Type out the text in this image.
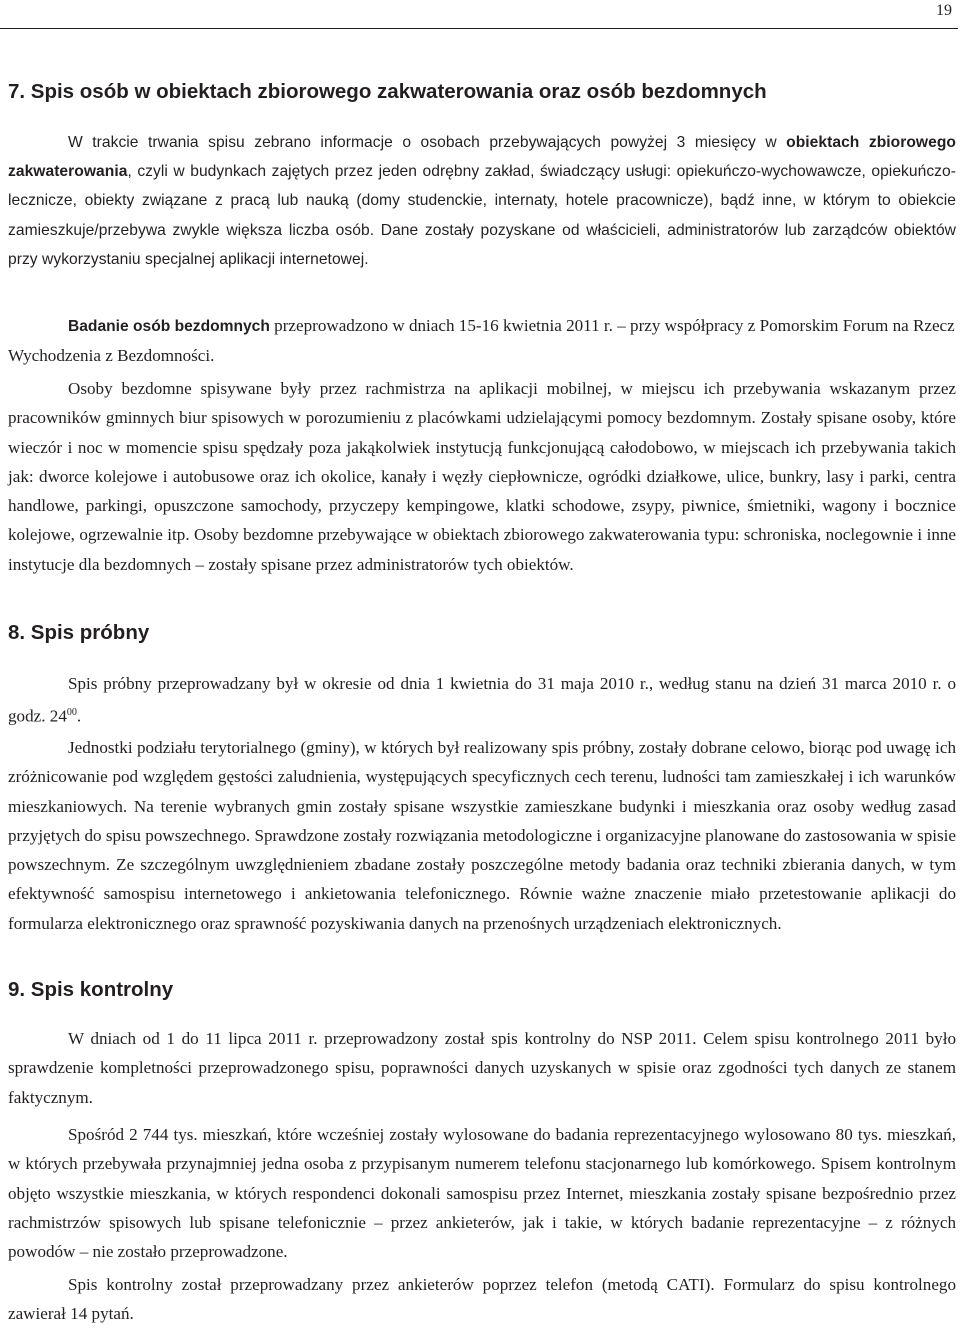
19
7. Spis osób w obiektach zbiorowego zakwaterowania oraz osób bezdomnych

W trakcie trwania spisu zebrano informacje o osobach przebywających powyżej 3 miesięcy w obiektach zbiorowego zakwaterowania, czyli w budynkach zajętych przez jeden odrębny zakład, świadczący usługi: opiekuńczo-wychowawcze, opiekuńczo-lecznicze, obiekty związane z pracą lub nauką (domy studenckie, internaty, hotele pracownicze), bądź inne, w którym to obiekcie zamieszkuje/przebywa zwykle większa liczba osób. Dane zostały pozyskane od właścicieli, administratorów lub zarządców obiektów przy wykorzystaniu specjalnej aplikacji internetowej.

Badanie osób bezdomnych przeprowadzono w dniach 15-16 kwietnia 2011 r. – przy współpracy z Pomorskim Forum na Rzecz Wychodzenia z Bezdomności.

Osoby bezdomne spisywane były przez rachmistrza na aplikacji mobilnej, w miejscu ich przebywania wskazanym przez pracowników gminnych biur spisowych w porozumieniu z placówkami udzielającymi pomocy bezdomnym. Zostały spisane osoby, które wieczór i noc w momencie spisu spędzały poza jakąkolwiek instytucją funkcjonującą całodobowo, w miejscach ich przebywania takich jak: dworce kolejowe i autobusowe oraz ich okolice, kanały i węzły ciepłownicze, ogródki działkowe, ulice, bunkry, lasy i parki, centra handlowe, parkingi, opuszczone samochody, przyczepy kempingowe, klatki schodowe, zsypy, piwnice, śmietniki, wagony i bocznice kolejowe, ogrzewalnie itp. Osoby bezdomne przebywające w obiektach zbiorowego zakwaterowania typu: schroniska, noclegownie i inne instytucje dla bezdomnych – zostały spisane przez administratorów tych obiektów.

8. Spis próbny

Spis próbny przeprowadzany był w okresie od dnia 1 kwietnia do 31 maja 2010 r., według stanu na dzień 31 marca 2010 r. o godz. $24^{00}$.

Jednostki podziału terytorialnego (gminy), w których był realizowany spis próbny, zostały dobrane celowo, biorąc pod uwagę ich zróżnicowanie pod względem gęstości zaludnienia, występujących specyficznych cech terenu, ludności tam zamieszkałej i ich warunków mieszkaniowych. Na terenie wybranych gmin zostały spisane wszystkie zamieszkane budynki i mieszkania oraz osoby według zasad przyjętych do spisu powszechnego. Sprawdzone zostały rozwiązania metodologiczne i organizacyjne planowane do zastosowania w spisie powszechnym. Ze szczególnym uwzględnieniem zbadane zostały poszczególne metody badania oraz techniki zbierania danych, w tym efektywność samospisu internetowego i ankietowania telefonicznego. Równie ważne znaczenie miało przetestowanie aplikacji do formularza elektronicznego oraz sprawność pozyskiwania danych na przenośnych urządzeniach elektronicznych.

9. Spis kontrolny

W dniach od 1 do 11 lipca 2011 r. przeprowadzony został spis kontrolny do NSP 2011. Celem spisu kontrolnego 2011 było sprawdzenie kompletności przeprowadzonego spisu, poprawności danych uzyskanych w spisie oraz zgodności tych danych ze stanem faktycznym.

Spośród 2 744 tys. mieszkań, które wcześniej zostały wylosowane do badania reprezentacyjnego wylosowano 80 tys. mieszkań, w których przebywała przynajmniej jedna osoba z przypisanym numerem telefonu stacjonarnego lub komórkowego. Spisem kontrolnym objęto wszystkie mieszkania, w których respondenci dokonali samospisu przez Internet, mieszkania zostały spisane bezpośrednio przez rachmistrzów spisowych lub spisane telefonicznie – przez ankieterów, jak i takie, w których badanie reprezentacyjne – z różnych powodów – nie zostało przeprowadzone.

Spis kontrolny został przeprowadzany przez ankieterów poprzez telefon (metodą CATI). Formularz do spisu kontrolnego zawierał 14 pytań.
